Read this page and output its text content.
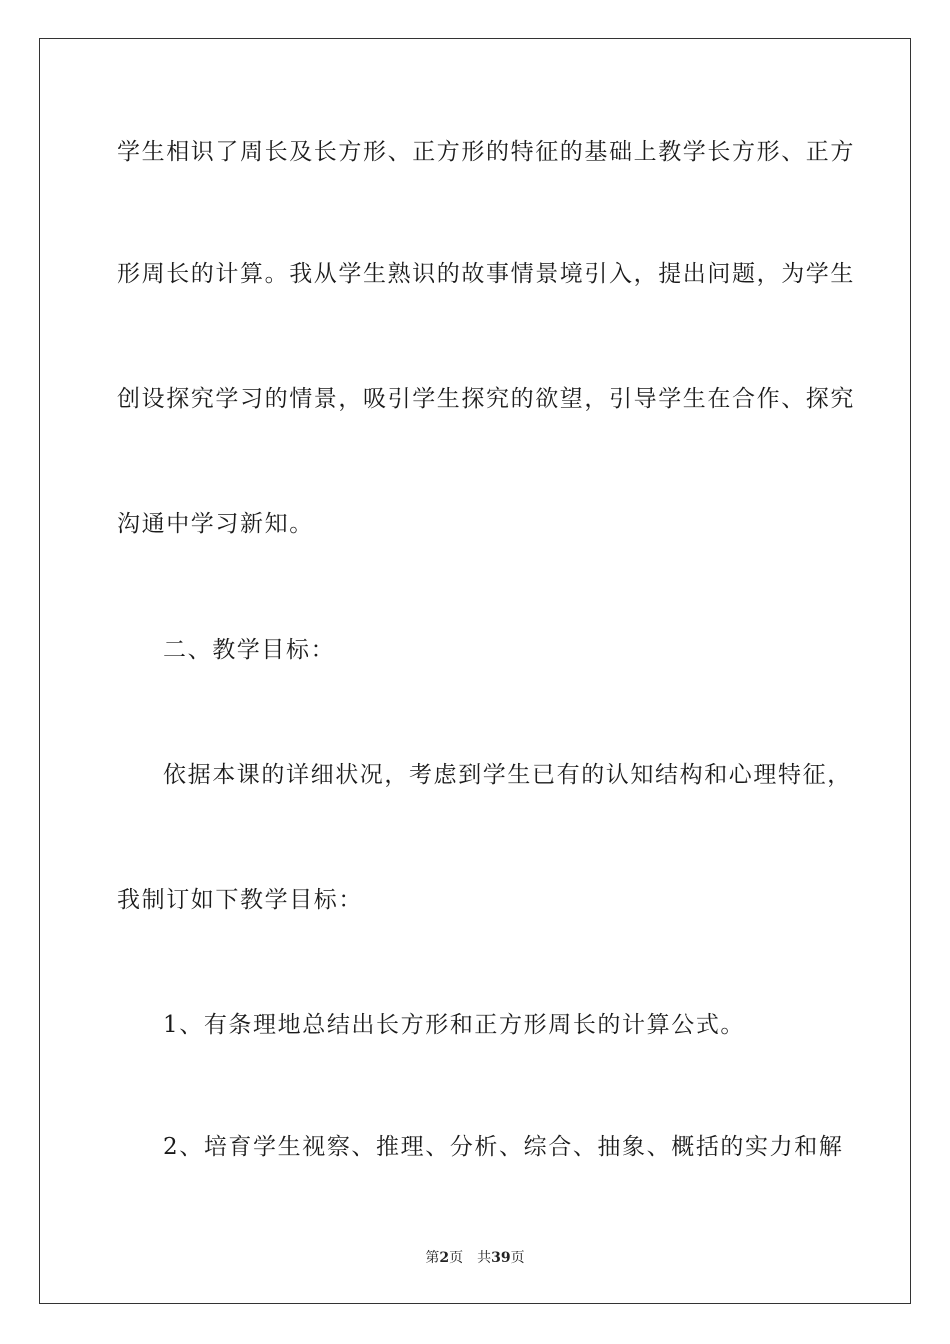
学生相识了周长及长方形、正方形的特征的基础上教学长方形、正方
形周长的计算。我从学生熟识的故事情景境引入，提出问题，为学生
创设探究学习的情景，吸引学生探究的欲望，引导学生在合作、探究
沟通中学习新知。
二、教学目标：
依据本课的详细状况，考虑到学生已有的认知结构和心理特征，
我制订如下教学目标：
1、有条理地总结出长方形和正方形周长的计算公式。
2、培育学生视察、推理、分析、综合、抽象、概括的实力和解
第2页 共39页
